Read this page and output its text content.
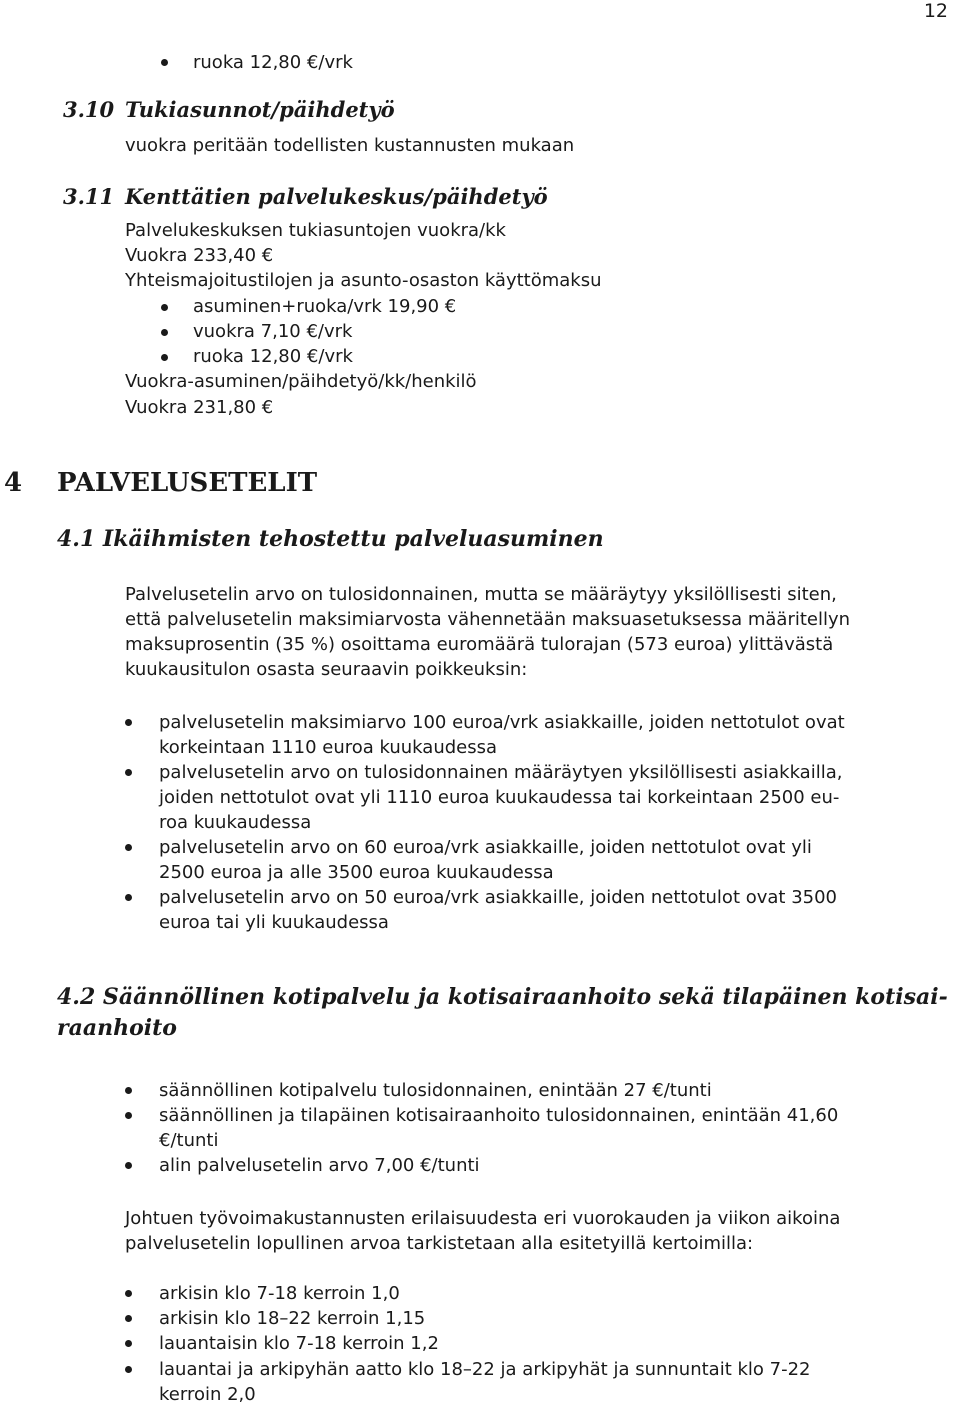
12
ruoka 12,80 €/vrk
3.10 Tukiasunnot/päihdetyö
vuokra peritään todellisten kustannusten mukaan
3.11 Kenttätien palvelukeskus/päihdetyö
Palvelukeskuksen tukiasuntojen vuokra/kk
Vuokra 233,40 €
Yhteismajoitustilojen ja asunto-osaston käyttömaksu
asuminen+ruoka/vrk 19,90 €
vuokra 7,10 €/vrk
ruoka 12,80 €/vrk
Vuokra-asuminen/päihdetyö/kk/henkilö
Vuokra 231,80 €
4 PALVELUSETELIT
4.1 Ikäihmisten tehostettu palveluasuminen
Palvelusetelin arvo on tulosidonnainen, mutta se määräytyy yksilöllisesti siten,
että palvelusetelin maksimiarvosta vähennetään maksuasetuksessa määritellyn
maksuprosentin (35 %) osoittama euromäärä tulorajan (573 euroa) ylittävästä
kuukausitulon osasta seuraavin poikkeuksin:
palvelusetelin maksimiarvo 100 euroa/vrk asiakkaille, joiden nettotulot ovat
korkeintaan 1110 euroa kuukaudessa
palvelusetelin arvo on tulosidonnainen määräytyen yksilöllisesti asiakkailla,
joiden nettotulot ovat yli 1110 euroa kuukaudessa tai korkeintaan 2500 eu-
roa kuukaudessa
palvelusetelin arvo on 60 euroa/vrk asiakkaille, joiden nettotulot ovat yli
2500 euroa ja alle 3500 euroa kuukaudessa
palvelusetelin arvo on 50 euroa/vrk asiakkaille, joiden nettotulot ovat 3500
euroa tai yli kuukaudessa
4.2 Säännöllinen kotipalvelu ja kotisairaanhoito sekä tilapäinen kotisai-
raanhoito
säännöllinen kotipalvelu tulosidonnainen, enintään 27 €/tunti
säännöllinen ja tilapäinen kotisairaanhoito tulosidonnainen, enintään 41,60
€/tunti
alin palvelusetelin arvo 7,00 €/tunti
Johtuen työvoimakustannusten erilaisuudesta eri vuorokauden ja viikon aikoina
palvelusetelin lopullinen arvoa tarkistetaan alla esitetyillä kertoimilla:
arkisin klo 7-18 kerroin 1,0
arkisin klo 18–22 kerroin 1,15
lauantaisin klo 7-18 kerroin 1,2
lauantai ja arkipyhän aatto klo 18–22 ja arkipyhät ja sunnuntait klo 7-22
kerroin 2,0
